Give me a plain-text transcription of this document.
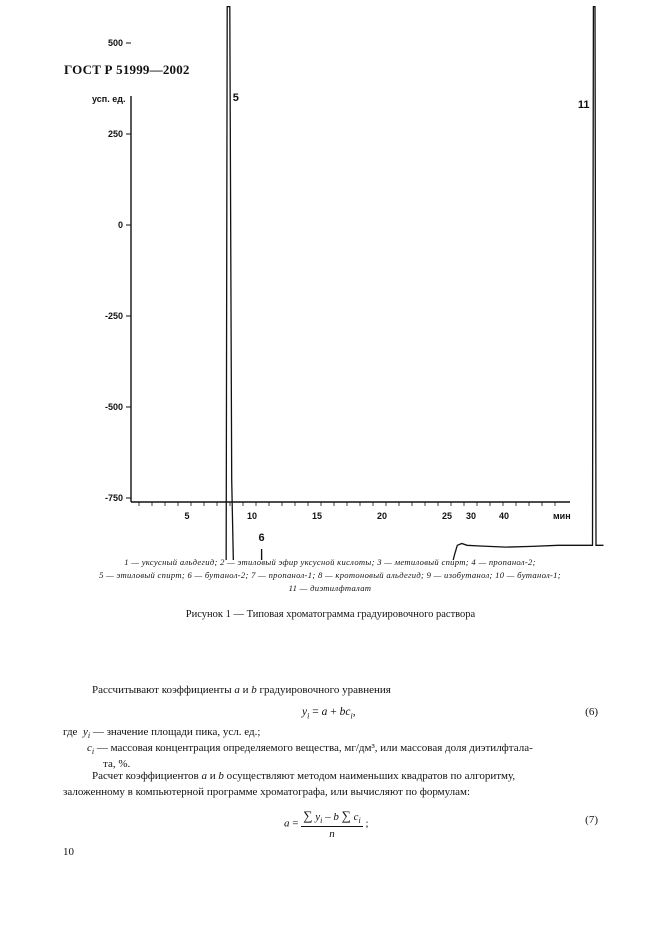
ГОСТ Р 51999—2002
500
250
0
-250
-500
-750
5	10	15	20	25 30	40
усп. ед.
мин
5
6
11
1 — уксусный альдегид; 2 — этиловый эфир уксусной кислоты; 3 — метиловый спирт; 4 — пропанол-2;
5 — этиловый спирт; 6 — бутанол-2; 7 — пропанол-1; 8 — кротоновый альдегид; 9 — изобутанол; 10 — бутанол-1;
11 — диэтилфталат
Рисунок 1 — Типовая хроматограмма градуировочного раствора
Рассчитывают коэффициенты a и b градуировочного уравнения
$y_i = a + bc_i$,	(6)
где $y_i$ — значение площади пика, усл. ед.;
$c_i$ — массовая концентрация определяемого вещества, мг/дм³, или массовая доля диэтилфтала-
та, %.
Расчет коэффициентов a и b осуществляют методом наименьших квадратов по алгоритму,
заложенному в компьютерной программе хроматографа, или вычисляют по формулам:
$a = \frac{\sum y_i - b \sum c_i}{n}$ ;	(7)
10
